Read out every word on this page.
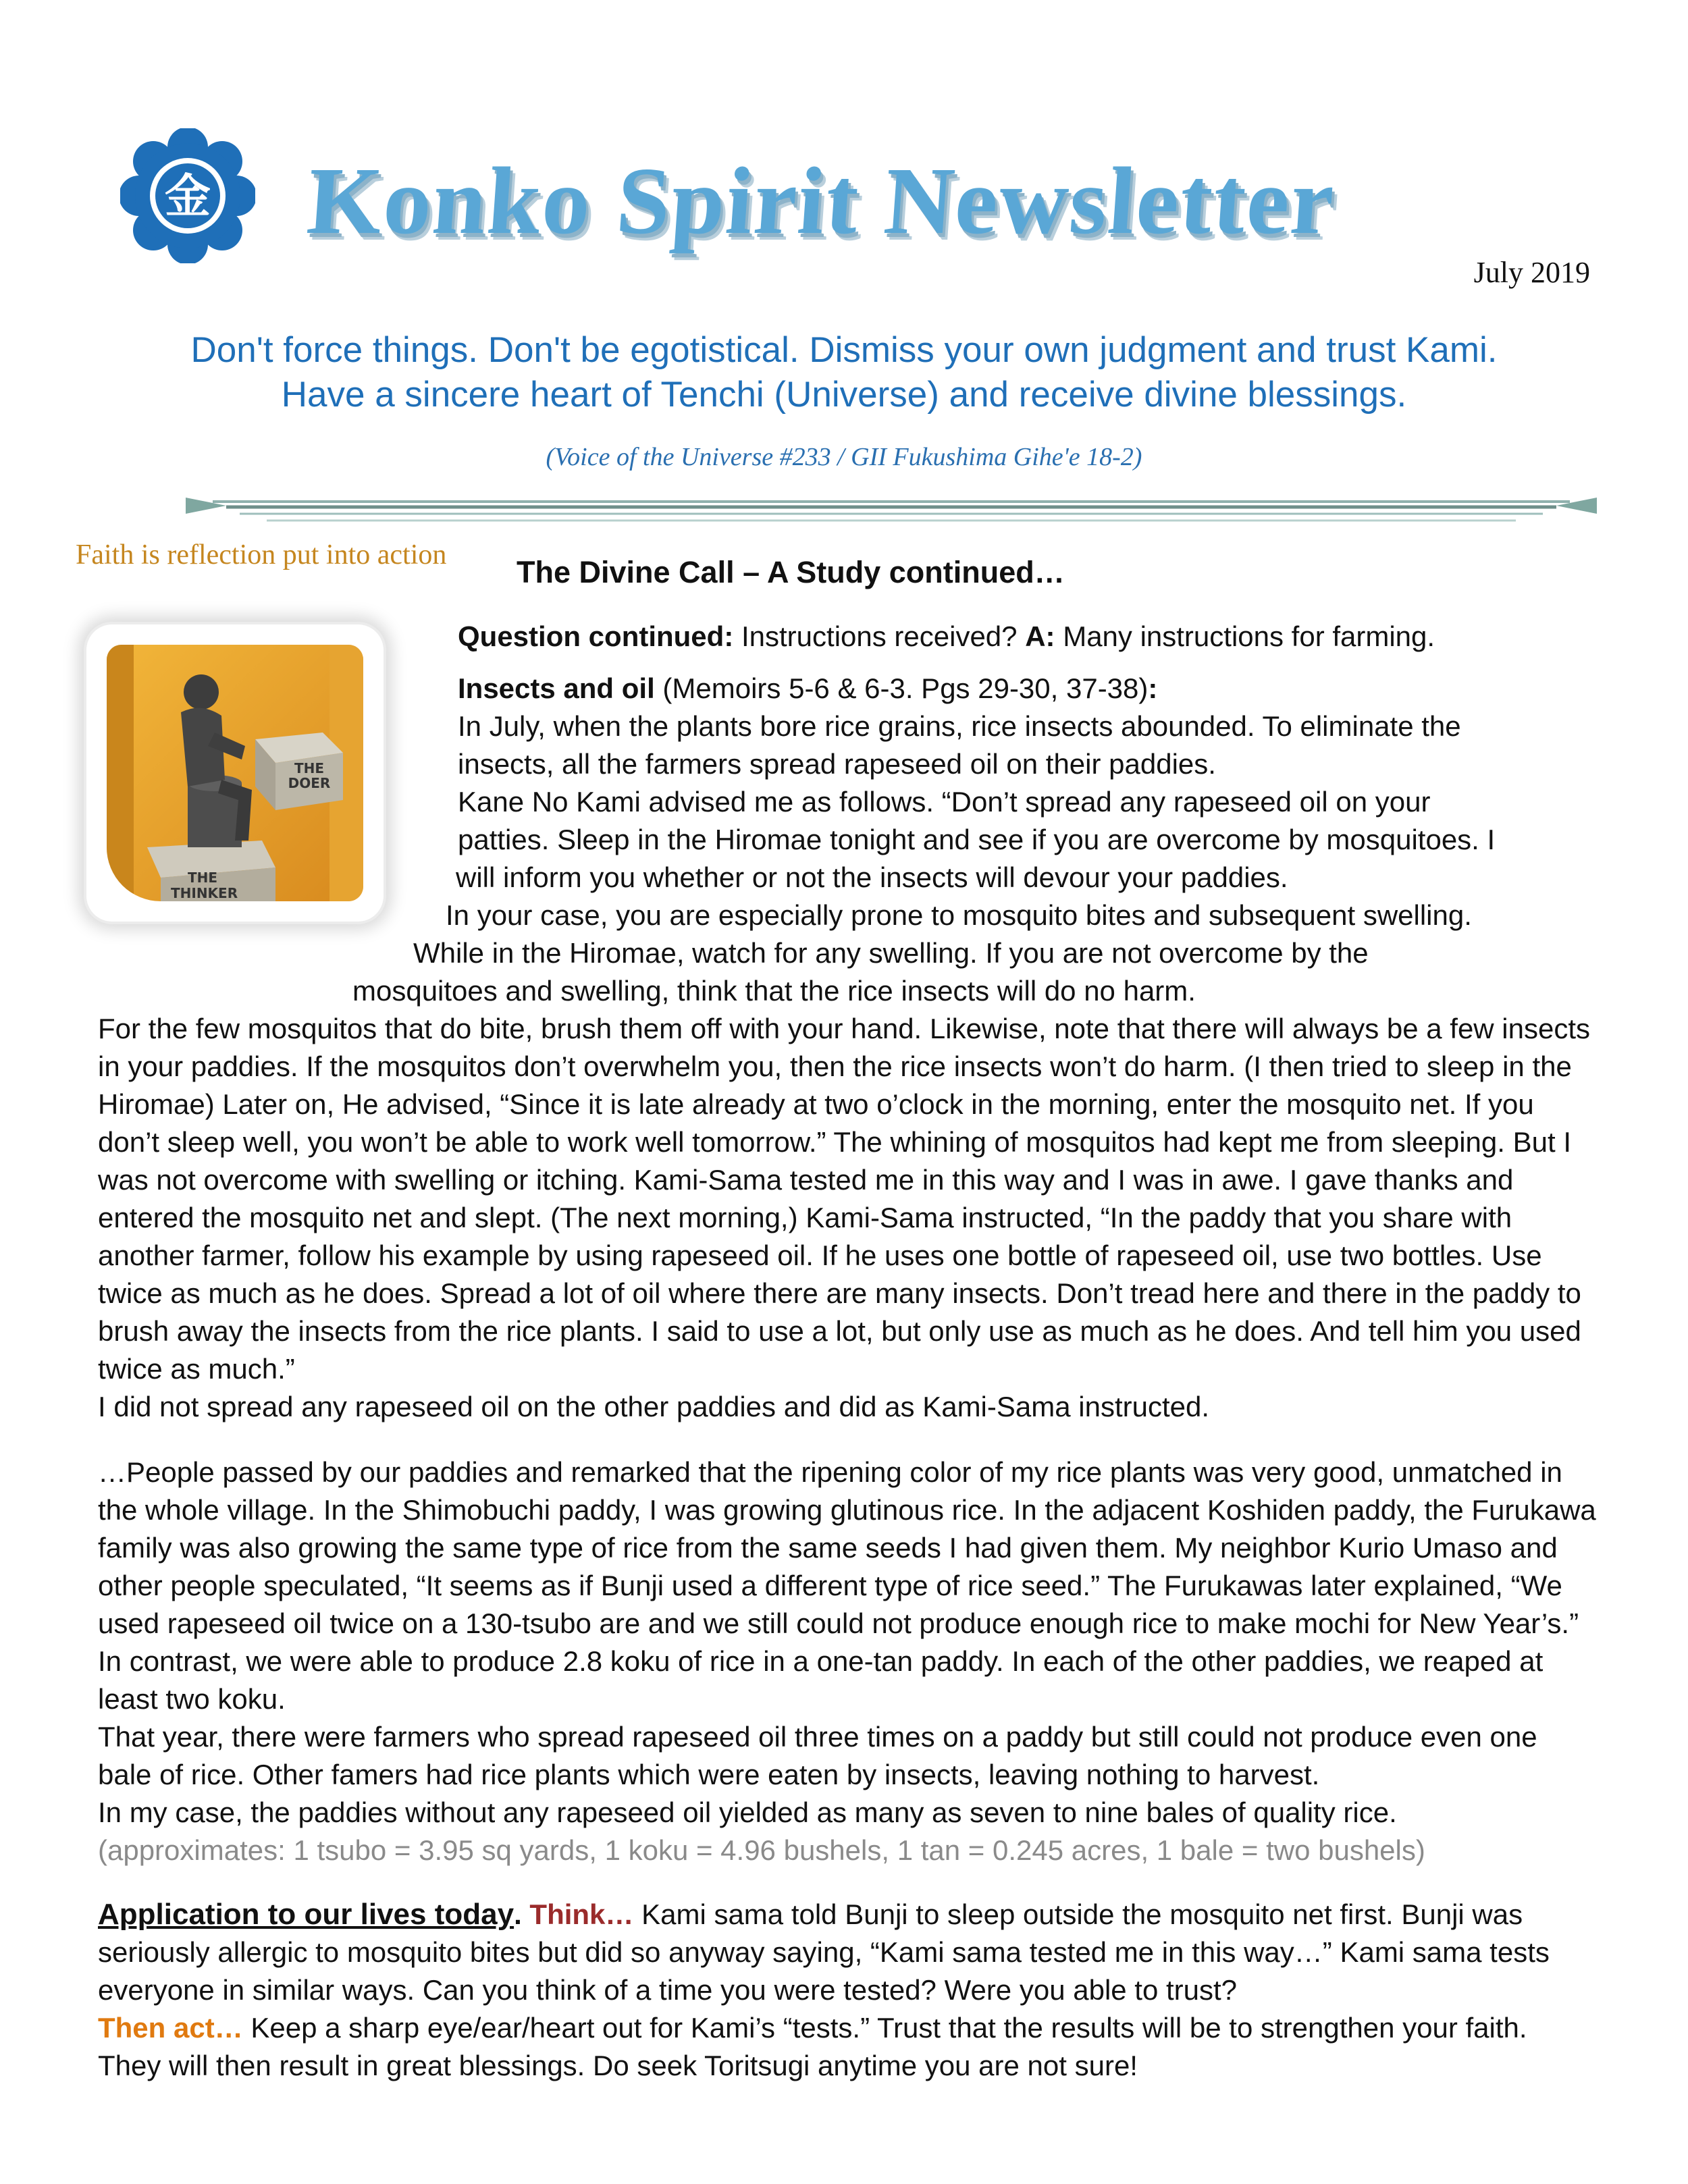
金 Konko Spirit Newsletter
July 2019
Don't force things. Don't be egotistical. Dismiss your own judgment and trust Kami.
Have a sincere heart of Tenchi (Universe) and receive divine blessings.
(Voice of the Universe #233 / GII Fukushima Gihe'e 18-2)
Faith is reflection put into action
THE
DOER
THE
THINKER
The Divine Call – A Study continued…
Question continued: Instructions received? A: Many instructions for farming.
Insects and oil (Memoirs 5-6 & 6-3. Pgs 29-30, 37-38):
In July, when the plants bore rice grains, rice insects abounded. To eliminate the
insects, all the farmers spread rapeseed oil on their paddies.
Kane No Kami advised me as follows. “Don’t spread any rapeseed oil on your
patties. Sleep in the Hiromae tonight and see if you are overcome by mosquitoes. I
will inform you whether or not the insects will devour your paddies.
In your case, you are especially prone to mosquito bites and subsequent swelling.
While in the Hiromae, watch for any swelling. If you are not overcome by the
mosquitoes and swelling, think that the rice insects will do no harm.
For the few mosquitos that do bite, brush them off with your hand. Likewise, note that there will always be a few insects in your paddies. If the mosquitos don’t overwhelm you, then the rice insects won’t do harm. (I then tried to sleep in the Hiromae) Later on, He advised, “Since it is late already at two o’clock in the morning, enter the mosquito net. If you don’t sleep well, you won’t be able to work well tomorrow.” The whining of mosquitos had kept me from sleeping. But I was not overcome with swelling or itching. Kami-Sama tested me in this way and I was in awe. I gave thanks and entered the mosquito net and slept. (The next morning,) Kami-Sama instructed, “In the paddy that you share with another farmer, follow his example by using rapeseed oil. If he uses one bottle of rapeseed oil, use two bottles. Use twice as much as he does. Spread a lot of oil where there are many insects. Don’t tread here and there in the paddy to brush away the insects from the rice plants. I said to use a lot, but only use as much as he does. And tell him you used twice as much.”
I did not spread any rapeseed oil on the other paddies and did as Kami-Sama instructed.
…People passed by our paddies and remarked that the ripening color of my rice plants was very good, unmatched in the whole village. In the Shimobuchi paddy, I was growing glutinous rice. In the adjacent Koshiden paddy, the Furukawa family was also growing the same type of rice from the same seeds I had given them. My neighbor Kurio Umaso and other people speculated, “It seems as if Bunji used a different type of rice seed.” The Furukawas later explained, “We used rapeseed oil twice on a 130-tsubo are and we still could not produce enough rice to make mochi for New Year’s.” In contrast, we were able to produce 2.8 koku of rice in a one-tan paddy. In each of the other paddies, we reaped at least two koku.
That year, there were farmers who spread rapeseed oil three times on a paddy but still could not produce even one bale of rice. Other famers had rice plants which were eaten by insects, leaving nothing to harvest.
In my case, the paddies without any rapeseed oil yielded as many as seven to nine bales of quality rice.
(approximates: 1 tsubo = 3.95 sq yards, 1 koku = 4.96 bushels, 1 tan = 0.245 acres, 1 bale = two bushels)
Application to our lives today. Think… Kami sama told Bunji to sleep outside the mosquito net first. Bunji was seriously allergic to mosquito bites but did so anyway saying, “Kami sama tested me in this way…” Kami sama tests everyone in similar ways. Can you think of a time you were tested? Were you able to trust?
Then act… Keep a sharp eye/ear/heart out for Kami’s “tests.” Trust that the results will be to strengthen your faith. They will then result in great blessings. Do seek Toritsugi anytime you are not sure!
